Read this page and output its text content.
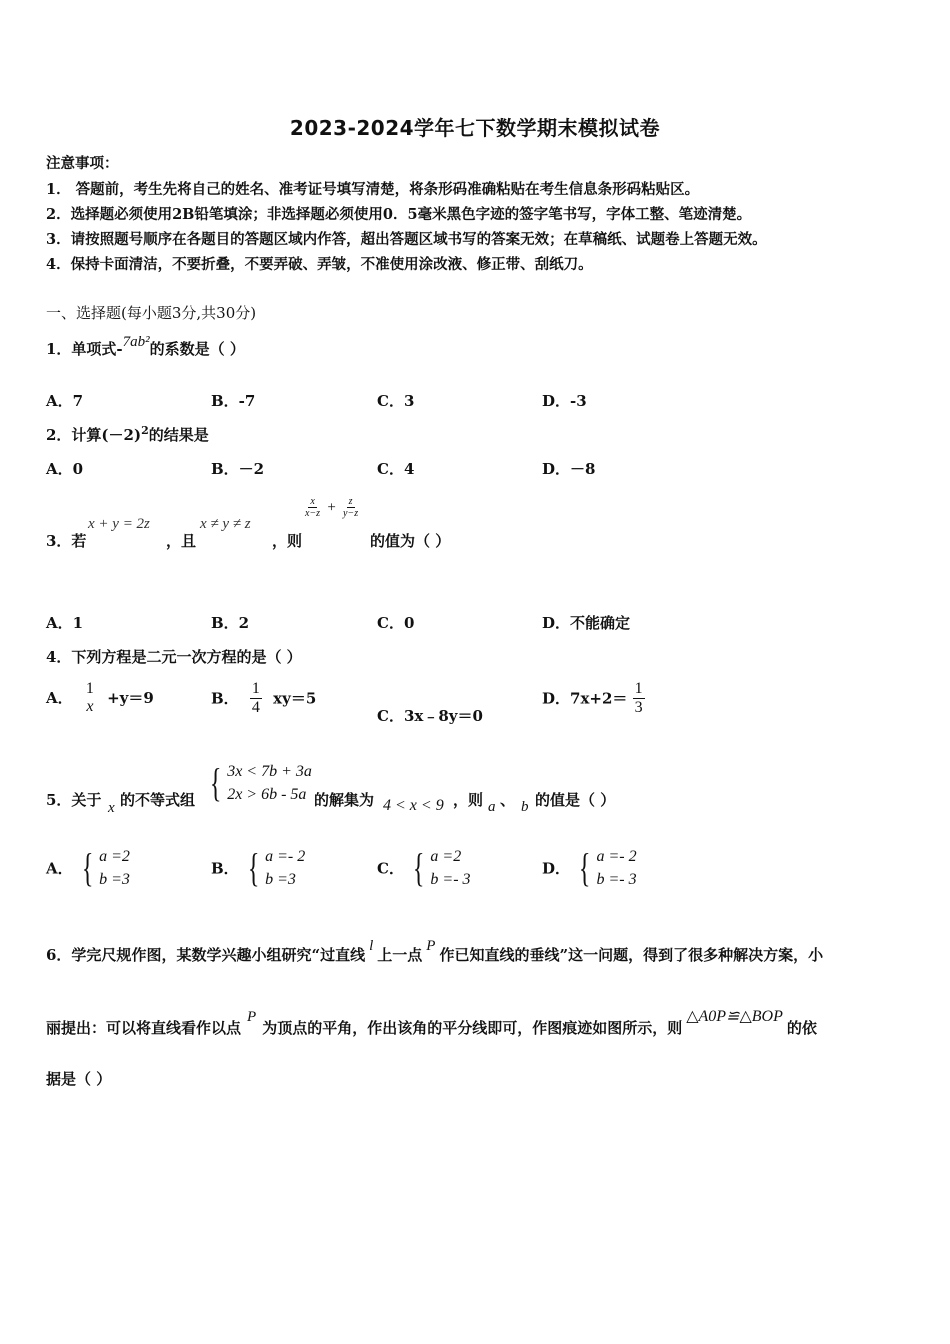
2023-2024学年七下数学期末模拟试卷
注意事项：
1． 答题前，考生先将自己的姓名、准考证号填写清楚，将条形码准确粘贴在考生信息条形码粘贴区。
2．选择题必须使用2B铅笔填涂；非选择题必须使用0．5毫米黑色字迹的签字笔书写，字体工整、笔迹清楚。
3．请按照题号顺序在各题目的答题区域内作答，超出答题区域书写的答案无效；在草稿纸、试题卷上答题无效。
4．保持卡面清洁，不要折叠，不要弄破、弄皱，不准使用涂改液、修正带、刮纸刀。
一、选择题(每小题3分,共30分)
1．单项式-7ab²的系数是（ ）
A．7	B．-7	C．3	D．-3
2．计算$(-2)^2$的结果是
A．0	B．－2	C．4	D．－8
3．若
x + y = 2z
，且
x ≠ y ≠ z
，则
$\frac{x}{x-z} + \frac{z}{y-z}$
的值为（ ）
A．1	B．2	C．0	D．不能确定
4．下列方程是二元一次方程的是（ ）
A．
1
x +y＝9	B． $\frac{1}{4} xy=5$
C．3x﹣8y＝0
D．$7x+2= \frac{1}{3}$
5．关于 x 的不等式组 { 3x < 7b + 3a
2x > 6b - 5a 的解集为 4 < x < 9 ，则 a 、 b 的值是（ ）
A． { a =2
b =3
B． { a =- 2
b =3
C． { a =2
b =- 3
D． { a =- 2
b =- 3
6．学完尺规作图，某数学兴趣小组研究“过直线 l 上一点 P 作已知直线的垂线”这一问题，得到了很多种解决方案，小
丽提出：可以将直线看作以点P为顶点的平角，作出该角的平分线即可，作图痕迹如图所示，则△A0P≌△BOP的依
据是（ ）
